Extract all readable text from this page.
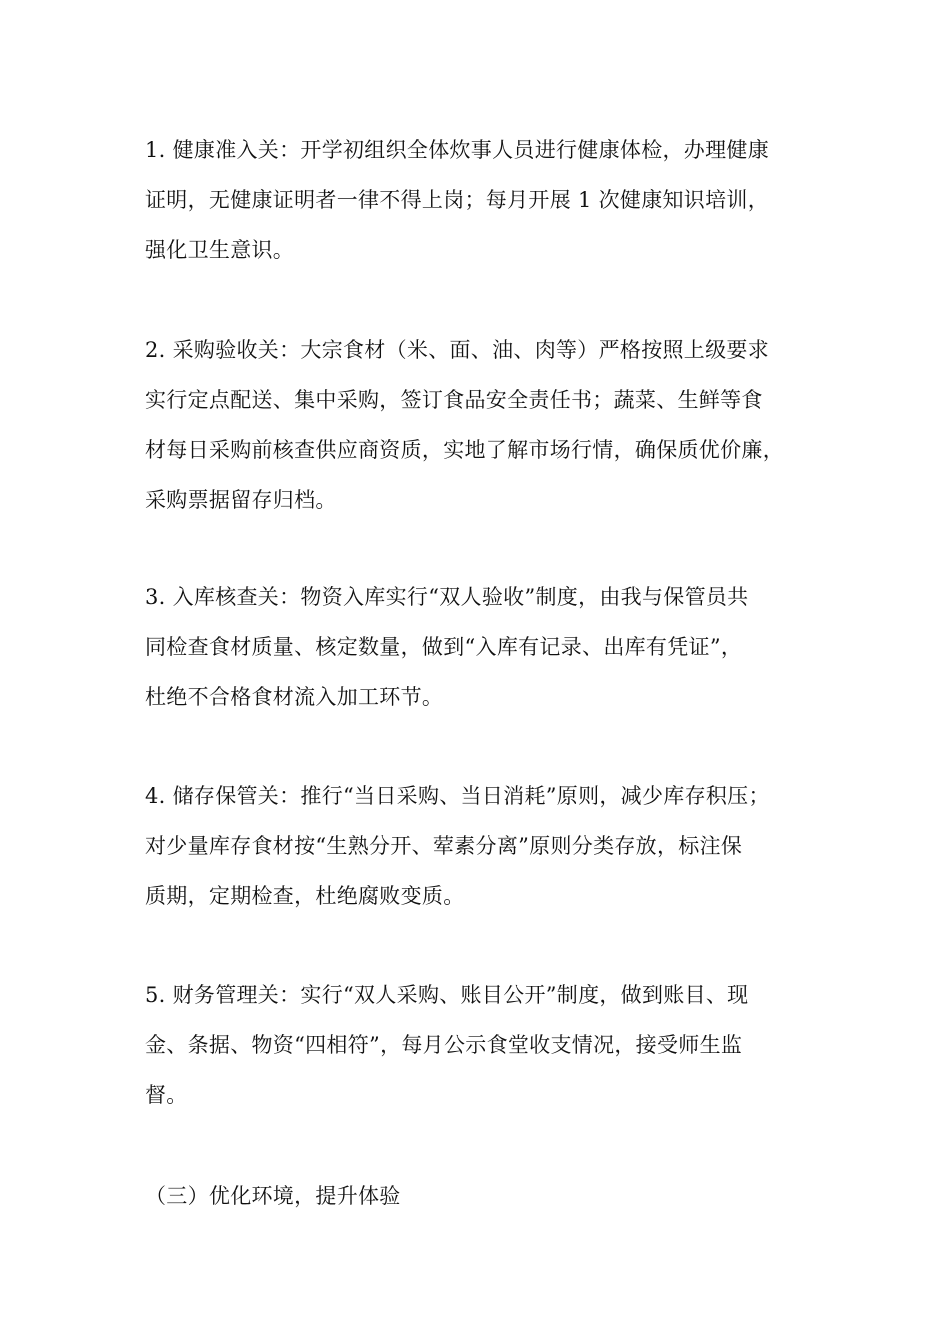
1. 健康准入关：开学初组织全体炊事人员进行健康体检，办理健康
证明，无健康证明者一律不得上岗；每月开展 1 次健康知识培训，
强化卫生意识。

2. 采购验收关：大宗食材（米、面、油、肉等）严格按照上级要求
实行定点配送、集中采购，签订食品安全责任书；蔬菜、生鲜等食
材每日采购前核查供应商资质，实地了解市场行情，确保质优价廉，
采购票据留存归档。

3. 入库核查关：物资入库实行“双人验收”制度，由我与保管员共
同检查食材质量、核定数量，做到“入库有记录、出库有凭证”，
杜绝不合格食材流入加工环节。

4. 储存保管关：推行“当日采购、当日消耗”原则，减少库存积压；
对少量库存食材按“生熟分开、荤素分离”原则分类存放，标注保
质期，定期检查，杜绝腐败变质。

5. 财务管理关：实行“双人采购、账目公开”制度，做到账目、现
金、条据、物资“四相符”，每月公示食堂收支情况，接受师生监
督。

（三）优化环境，提升体验
